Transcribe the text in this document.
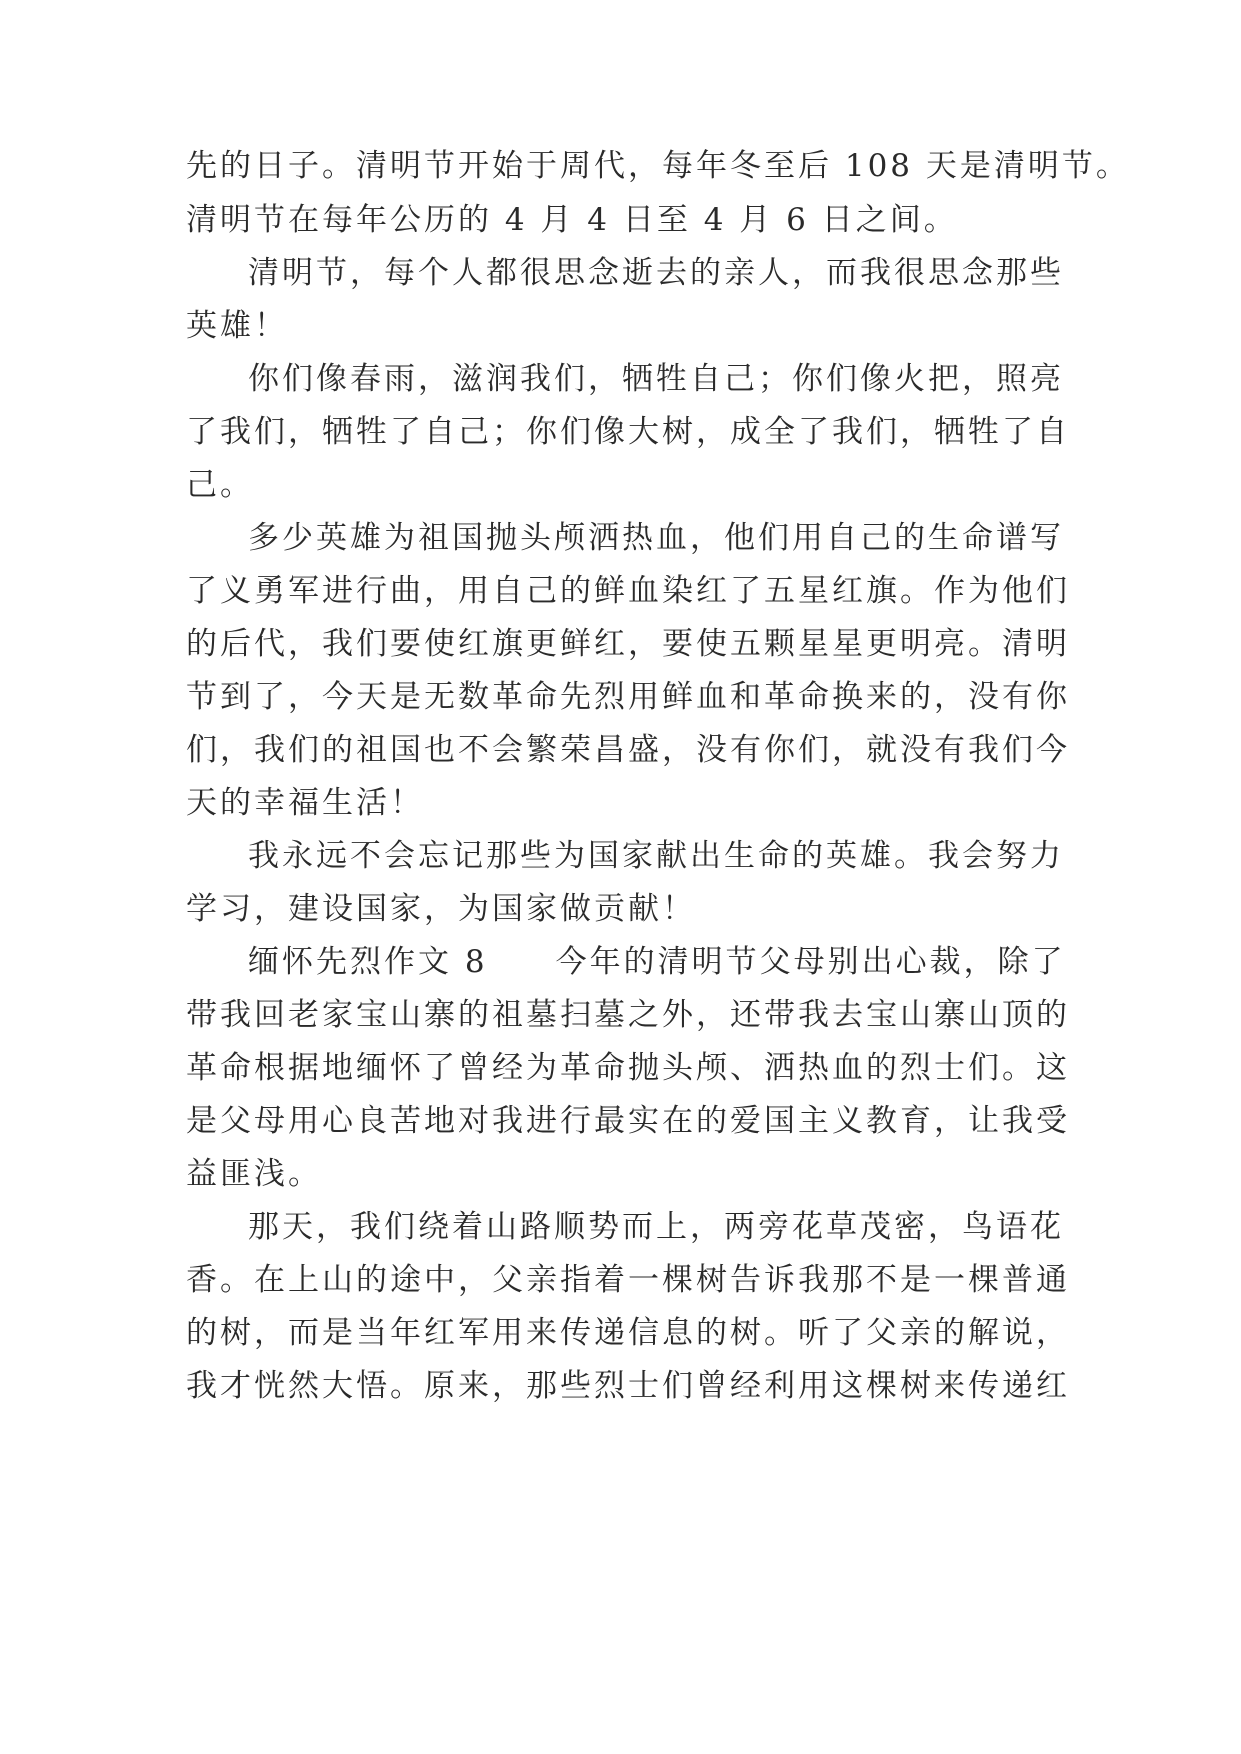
先的日子。清明节开始于周代，每年冬至后 108 天是清明节。
清明节在每年公历的 4 月 4 日至 4 月 6 日之间。
清明节，每个人都很思念逝去的亲人，而我很思念那些
英雄！
你们像春雨，滋润我们，牺牲自己；你们像火把，照亮
了我们，牺牲了自己；你们像大树，成全了我们，牺牲了自
己。
多少英雄为祖国抛头颅洒热血，他们用自己的生命谱写
了义勇军进行曲，用自己的鲜血染红了五星红旗。作为他们
的后代，我们要使红旗更鲜红，要使五颗星星更明亮。清明
节到了，今天是无数革命先烈用鲜血和革命换来的，没有你
们，我们的祖国也不会繁荣昌盛，没有你们，就没有我们今
天的幸福生活！
我永远不会忘记那些为国家献出生命的英雄。我会努力
学习，建设国家，为国家做贡献！
缅怀先烈作文 8　　今年的清明节父母别出心裁，除了
带我回老家宝山寨的祖墓扫墓之外，还带我去宝山寨山顶的
革命根据地缅怀了曾经为革命抛头颅、洒热血的烈士们。这
是父母用心良苦地对我进行最实在的爱国主义教育，让我受
益匪浅。
那天，我们绕着山路顺势而上，两旁花草茂密，鸟语花
香。在上山的途中，父亲指着一棵树告诉我那不是一棵普通
的树，而是当年红军用来传递信息的树。听了父亲的解说，
我才恍然大悟。原来，那些烈士们曾经利用这棵树来传递红
